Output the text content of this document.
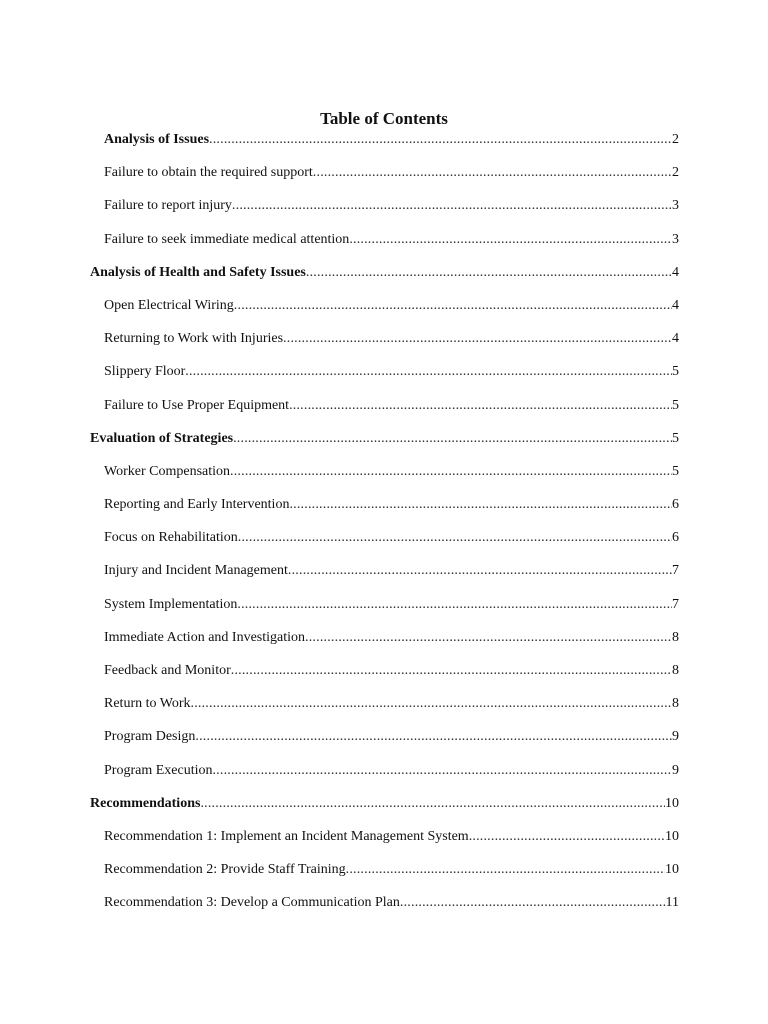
Table of Contents
Analysis of Issues .....	2
Failure to obtain the required support .....	2
Failure to report injury .....	3
Failure to seek immediate medical attention .....	3
Analysis of Health and Safety Issues .....	4
Open Electrical Wiring .....	4
Returning to Work with Injuries .....	4
Slippery Floor .....	5
Failure to Use Proper Equipment .....	5
Evaluation of Strategies .....	5
Worker Compensation .....	5
Reporting and Early Intervention .....	6
Focus on Rehabilitation .....	6
Injury and Incident Management .....	7
System Implementation .....	7
Immediate Action and Investigation .....	8
Feedback and Monitor .....	8
Return to Work .....	8
Program Design .....	9
Program Execution .....	9
Recommendations .....	10
Recommendation 1: Implement an Incident Management System .....	10
Recommendation 2: Provide Staff Training .....	10
Recommendation 3: Develop a Communication Plan .....	11
